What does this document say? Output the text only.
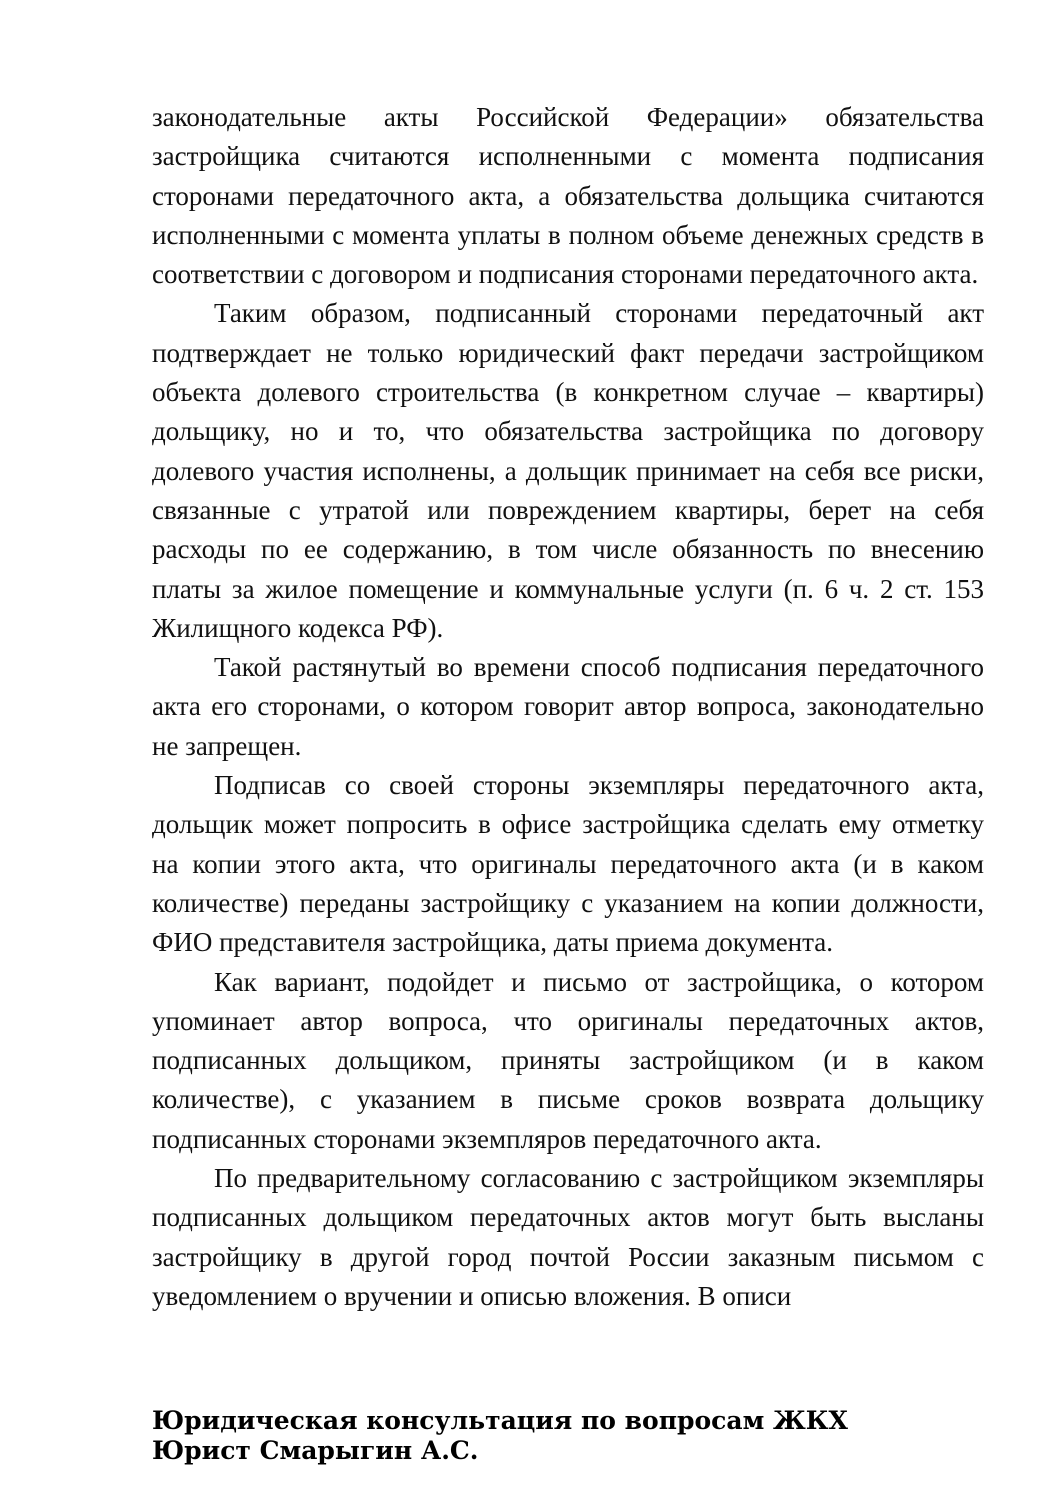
законодательные акты Российской Федерации» обязательства застройщика считаются исполненными с момента подписания сторонами передаточного акта, а обязательства дольщика считаются исполненными с момента уплаты в полном объеме денежных средств в соответствии с договором и подписания сторонами передаточного акта.

Таким образом, подписанный сторонами передаточный акт подтверждает не только юридический факт передачи застройщиком объекта долевого строительства (в конкретном случае – квартиры) дольщику, но и то, что обязательства застройщика по договору долевого участия исполнены, а дольщик принимает на себя все риски, связанные с утратой или повреждением квартиры, берет на себя расходы по ее содержанию, в том числе обязанность по внесению платы за жилое помещение и коммунальные услуги (п. 6 ч. 2 ст. 153 Жилищного кодекса РФ).

Такой растянутый во времени способ подписания передаточного акта его сторонами, о котором говорит автор вопроса, законодательно не запрещен.

Подписав со своей стороны экземпляры передаточного акта, дольщик может попросить в офисе застройщика сделать ему отметку на копии этого акта, что оригиналы передаточного акта (и в каком количестве) переданы застройщику с указанием на копии должности, ФИО представителя застройщика, даты приема документа.

Как вариант, подойдет и письмо от застройщика, о котором упоминает автор вопроса, что оригиналы передаточных актов, подписанных дольщиком, приняты застройщиком (и в каком количестве), с указанием в письме сроков возврата дольщику подписанных сторонами экземпляров передаточного акта.

По предварительному согласованию с застройщиком экземпляры подписанных дольщиком передаточных актов могут быть высланы застройщику в другой город почтой России заказным письмом с уведомлением о вручении и описью вложения. В описи

Юридическая консультация по вопросам ЖКХ
Юрист Смарыгин А.С.
